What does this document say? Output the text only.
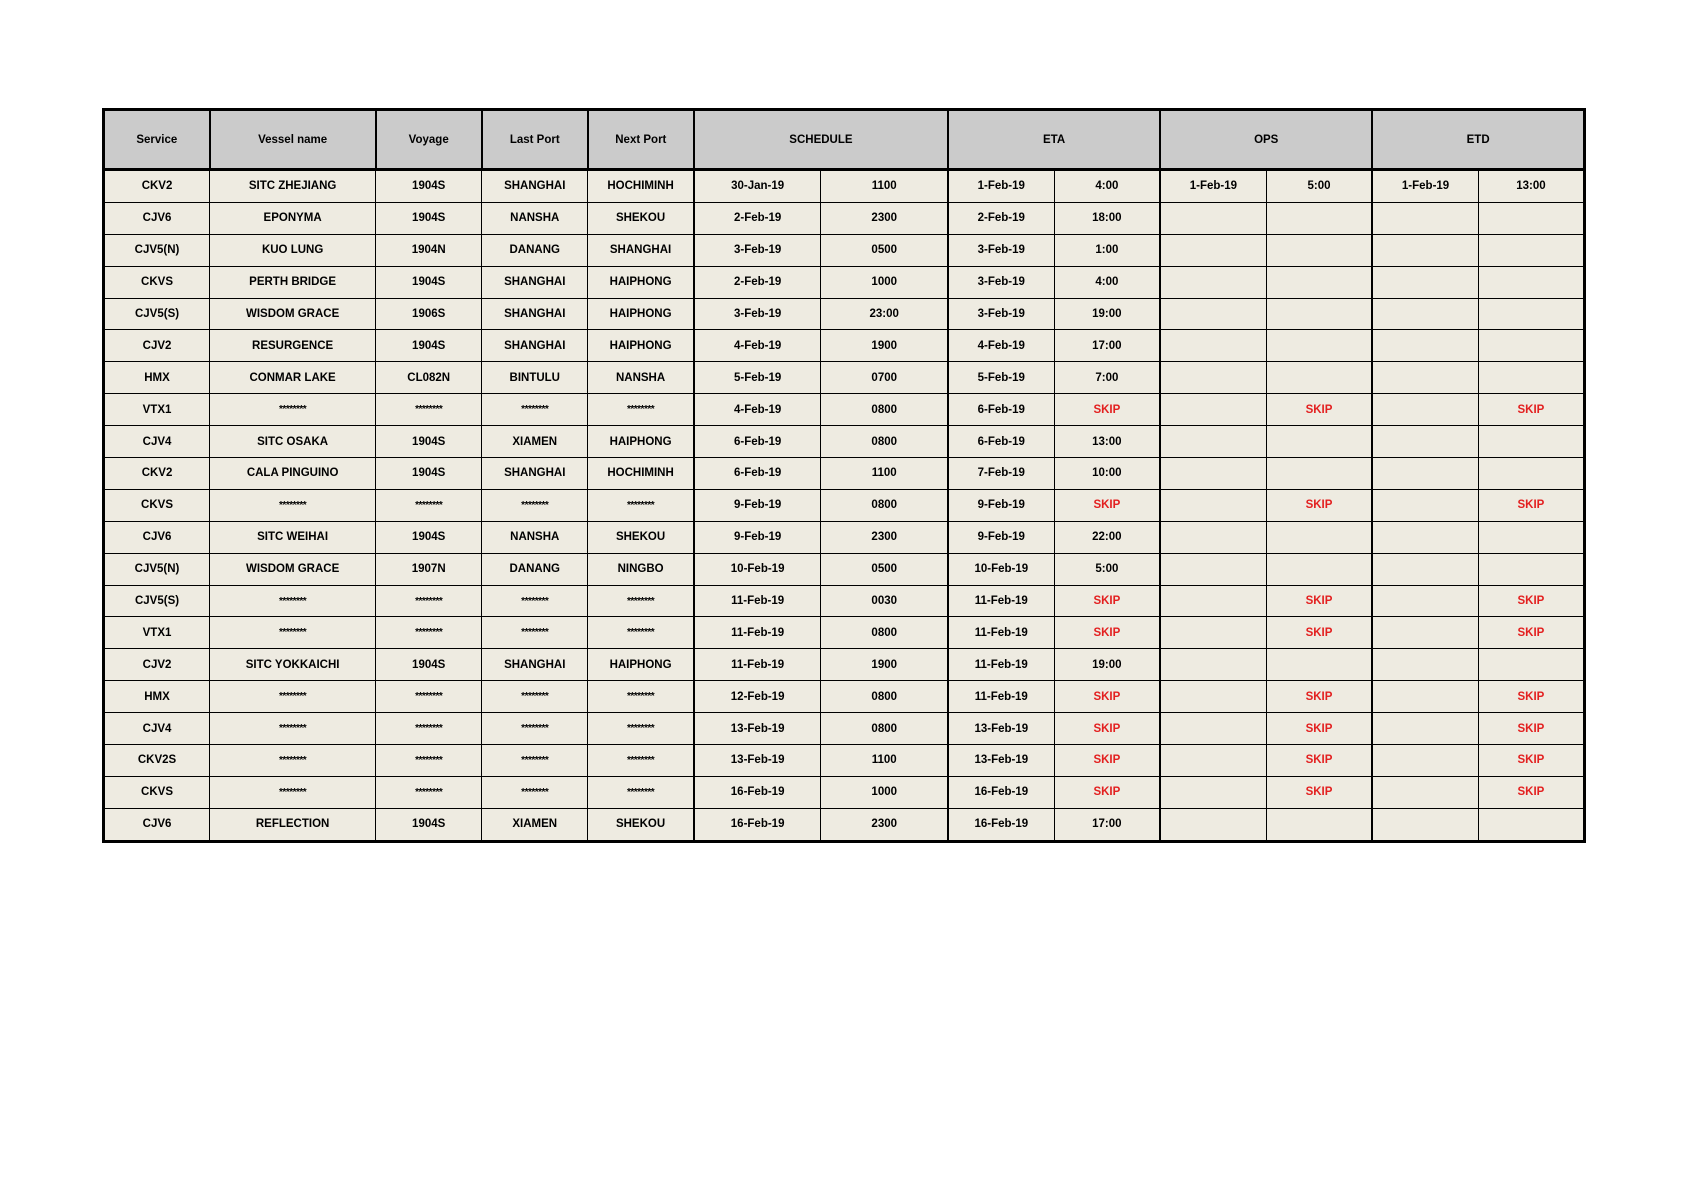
Service	Vessel name	Voyage	Last Port	Next Port	SCHEDULE		ETA		OPS		ETD	
CKV2	SITC ZHEJIANG	1904S	SHANGHAI	HOCHIMINH	30-Jan-19	1100	1-Feb-19	4:00	1-Feb-19	5:00	1-Feb-19	13:00
CJV6	EPONYMA	1904S	NANSHA	SHEKOU	2-Feb-19	2300	2-Feb-19	18:00				
CJV5(N)	KUO LUNG	1904N	DANANG	SHANGHAI	3-Feb-19	0500	3-Feb-19	1:00				
CKVS	PERTH BRIDGE	1904S	SHANGHAI	HAIPHONG	2-Feb-19	1000	3-Feb-19	4:00				
CJV5(S)	WISDOM GRACE	1906S	SHANGHAI	HAIPHONG	3-Feb-19	23:00	3-Feb-19	19:00				
CJV2	RESURGENCE	1904S	SHANGHAI	HAIPHONG	4-Feb-19	1900	4-Feb-19	17:00				
HMX	CONMAR LAKE	CL082N	BINTULU	NANSHA	5-Feb-19	0700	5-Feb-19	7:00				
VTX1	********	********	********	********	4-Feb-19	0800	6-Feb-19	SKIP		SKIP		SKIP
CJV4	SITC OSAKA	1904S	XIAMEN	HAIPHONG	6-Feb-19	0800	6-Feb-19	13:00				
CKV2	CALA PINGUINO	1904S	SHANGHAI	HOCHIMINH	6-Feb-19	1100	7-Feb-19	10:00				
CKVS	********	********	********	********	9-Feb-19	0800	9-Feb-19	SKIP		SKIP		SKIP
CJV6	SITC WEIHAI	1904S	NANSHA	SHEKOU	9-Feb-19	2300	9-Feb-19	22:00				
CJV5(N)	WISDOM GRACE	1907N	DANANG	NINGBO	10-Feb-19	0500	10-Feb-19	5:00				
CJV5(S)	********	********	********	********	11-Feb-19	0030	11-Feb-19	SKIP		SKIP		SKIP
VTX1	********	********	********	********	11-Feb-19	0800	11-Feb-19	SKIP		SKIP		SKIP
CJV2	SITC YOKKAICHI	1904S	SHANGHAI	HAIPHONG	11-Feb-19	1900	11-Feb-19	19:00				
HMX	********	********	********	********	12-Feb-19	0800	11-Feb-19	SKIP		SKIP		SKIP
CJV4	********	********	********	********	13-Feb-19	0800	13-Feb-19	SKIP		SKIP		SKIP
CKV2S	********	********	********	********	13-Feb-19	1100	13-Feb-19	SKIP		SKIP		SKIP
CKVS	********	********	********	********	16-Feb-19	1000	16-Feb-19	SKIP		SKIP		SKIP
CJV6	REFLECTION	1904S	XIAMEN	SHEKOU	16-Feb-19	2300	16-Feb-19	17:00				
